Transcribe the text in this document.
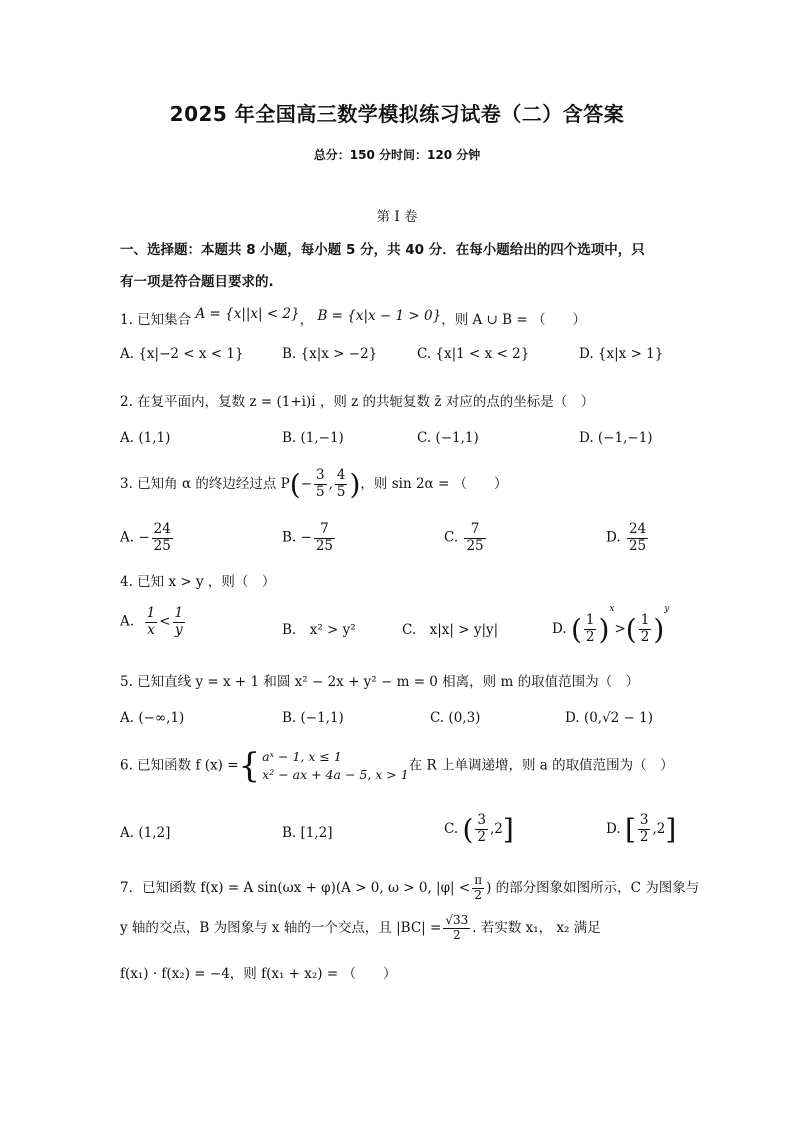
2025 年全国高三数学模拟练习试卷（二）含答案
总分：150 分时间：120 分钟
第 I 卷
一、选择题：本题共 8 小题，每小题 5 分，共 40 分．在每小题给出的四个选项中，只
有一项是符合题目要求的.
1. 已知集合 A = {x||x| < 2}， B = {x|x − 1 > 0}，则 A ∪ B = （　　）
A. {x|−2 < x < 1}	B. {x|x > −2}	C. {x|1 < x < 2}	D. {x|x > 1}
2. 在复平面内，复数 z = (1+i)i ，则 z 的共轭复数 z̄ 对应的点的坐标是（　）
A. (1,1)	B. (1,−1)	C. (−1,1)	D. (−1,−1)
3. 已知角 α 的终边经过点 $P(- \frac{3}{5}$ , $\frac{4}{5}$ )，则 sin 2α = （　　）
A. − $\frac{24}{25}$	B. − $\frac{7}{25}$	C. $\frac{7}{25}$	D. $\frac{24}{25}$
4. 已知 x > y ，则（　）
A. $\frac{1}{x} < \frac{1}{y}$	B.　x² > y²	C.　x|x| > y|y|	D. ( $\frac{1}{2} )^x>( \frac{1}{2} )^y$
5. 已知直线 y = x + 1 和圆 x² − 2x + y² − m = 0 相离，则 m 的取值范围为（　）
A. (−∞,1)	B. (−1,1)	C. (0,3)	D. (0,√2 − 1)
6. 已知函数 f (x) ={ aˣ − 1, x ≤ 1
x² − ax + 4a − 5, x > 1
在 R 上单调递增，则 a 的取值范围为（　）
A. (1,2]	B. [1,2]	C. ( $\frac{3}{2} ,2$]	D. [ $\frac{3}{2} ,2$]
7．已知函数 f(x) = A sin(ωx + φ)(A > 0, ω > 0, $|\varphi| < \frac{\pi}{2}$ ) 的部分图象如图所示，C 为图象与
y 轴的交点，B 为图象与 x 轴的一个交点，且 $|BC| = \frac{√33}{2}$ . 若实数 x₁， x₂ 满足
f(x₁) · f(x₂) = −4，则 f(x₁ + x₂) = （　　）
